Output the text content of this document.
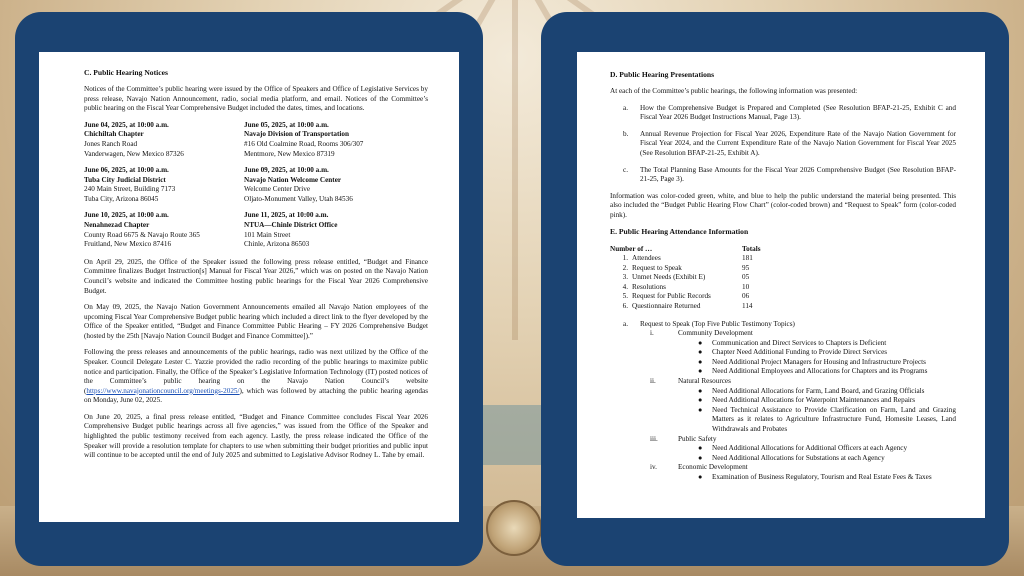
C. Public Hearing Notices

Notices of the Committee’s public hearing were issued by the Office of Speakers and Office of Legislative Services by press release, Navajo Nation Announcement, radio, social media platform, and email. Notices of the Committee’s public hearing on the Fiscal Year Comprehensive Budget included the dates, times, and locations.

June 04, 2025, at 10:00 a.m.
Chichiltah Chapter
Jones Ranch Road
Vanderwagen, New Mexico 87326
June 05, 2025, at 10:00 a.m.
Navajo Division of Transportation
#16 Old Coalmine Road, Rooms 306/307
Mentmore, New Mexico 87319
June 06, 2025, at 10:00 a.m.
Tuba City Judicial District
240 Main Street, Building 7173
Tuba City, Arizona 86045
June 09, 2025, at 10:00 a.m.
Navajo Nation Welcome Center
Welcome Center Drive
Oljato-Monument Valley, Utah 84536
June 10, 2025, at 10:00 a.m.
Nenahnezad Chapter
County Road 6675 & Navajo Route 365
Fruitland, New Mexico 87416
June 11, 2025, at 10:00 a.m.
NTUA—Chinle District Office
101 Main Street
Chinle, Arizona 86503

On April 29, 2025, the Office of the Speaker issued the following press release entitled, “Budget and Finance Committee finalizes Budget Instruction[s] Manual for Fiscal Year 2026,” which was on posted on the Navajo Nation Council’s website and indicated the Committee hosting public hearings for the Fiscal Year 2026 Comprehensive Budget.

On May 09, 2025, the Navajo Nation Government Announcements emailed all Navajo Nation employees of the upcoming Fiscal Year Comprehensive Budget public hearing which included a direct link to the flyer developed by the Office of the Speaker entitled, “Budget and Finance Committee Public Hearing – FY 2026 Comprehensive Budget (hosted by the 25th [Navajo Nation Council Budget and Finance Committee]).”

Following the press releases and announcements of the public hearings, radio was next utilized by the Office of the Speaker. Council Delegate Lester C. Yazzie provided the radio recording of the public hearings to maximize public notice and participation. Finally, the Office of the Speaker’s Legislative Information Technology (IT) posted notices of the Committee’s public hearing on the Navajo Nation Council’s website (https://www.navajonationcouncil.org/meetings-2025/), which was followed by attaching the public hearing agendas on Monday, June 02, 2025.

On June 20, 2025, a final press release entitled, “Budget and Finance Committee concludes Fiscal Year 2026 Comprehensive Budget public hearings across all five agencies,” was issued from the Office of the Speaker and highlighted the public testimony received from each agency. Lastly, the press release indicated the Office of the Speaker will provide a resolution template for chapters to use when submitting their budget priorities and public input will continue to be accepted until the end of July 2025 and submitted to Legislative Advisor Rodney L. Tahe by email.

D. Public Hearing Presentations

At each of the Committee’s public hearings, the following information was presented:

a. How the Comprehensive Budget is Prepared and Completed (See Resolution BFAP-21-25, Exhibit C and Fiscal Year 2026 Budget Instructions Manual, Page 13).
b. Annual Revenue Projection for Fiscal Year 2026, Expenditure Rate of the Navajo Nation Government for Fiscal Year 2024, and the Current Expenditure Rate of the Navajo Nation Government for Fiscal Year 2025 (See Resolution BFAP-21-25, Exhibit A).
c. The Total Planning Base Amounts for the Fiscal Year 2026 Comprehensive Budget (See Resolution BFAP-21-25, Page 3).

Information was color-coded green, white, and blue to help the public understand the material being presented. This also included the “Budget Public Hearing Flow Chart” (color-coded brown) and “Request to Speak” form (color-coded pink).

E. Public Hearing Attendance Information
Number of …		Totals
1.	Attendees	181
2.	Request to Speak	95
3.	Unmet Needs (Exhibit E)	05
4.	Resolutions	10
5.	Request for Public Records	06
6.	Questionnaire Returned	114
a. Request to Speak (Top Five Public Testimony Topics)
i.	Community Development
● Communication and Direct Services to Chapters is Deficient
● Chapter Need Additional Funding to Provide Direct Services
● Need Additional Project Managers for Housing and Infrastructure Projects
● Need Additional Employees and Allocations for Chapters and its Programs
ii.	Natural Resources
● Need Additional Allocations for Farm, Land Board, and Grazing Officials
● Need Additional Allocations for Waterpoint Maintenances and Repairs
● Need Technical Assistance to Provide Clarification on Farm, Land and Grazing Matters as it relates to Agriculture Infrastructure Fund, Homesite Leases, Land Withdrawals and Probates
iii.	Public Safety
● Need Additional Allocations for Additional Officers at each Agency
● Need Additional Allocations for Substations at each Agency
iv.	Economic Development
● Examination of Business Regulatory, Tourism and Real Estate Fees & Taxes
